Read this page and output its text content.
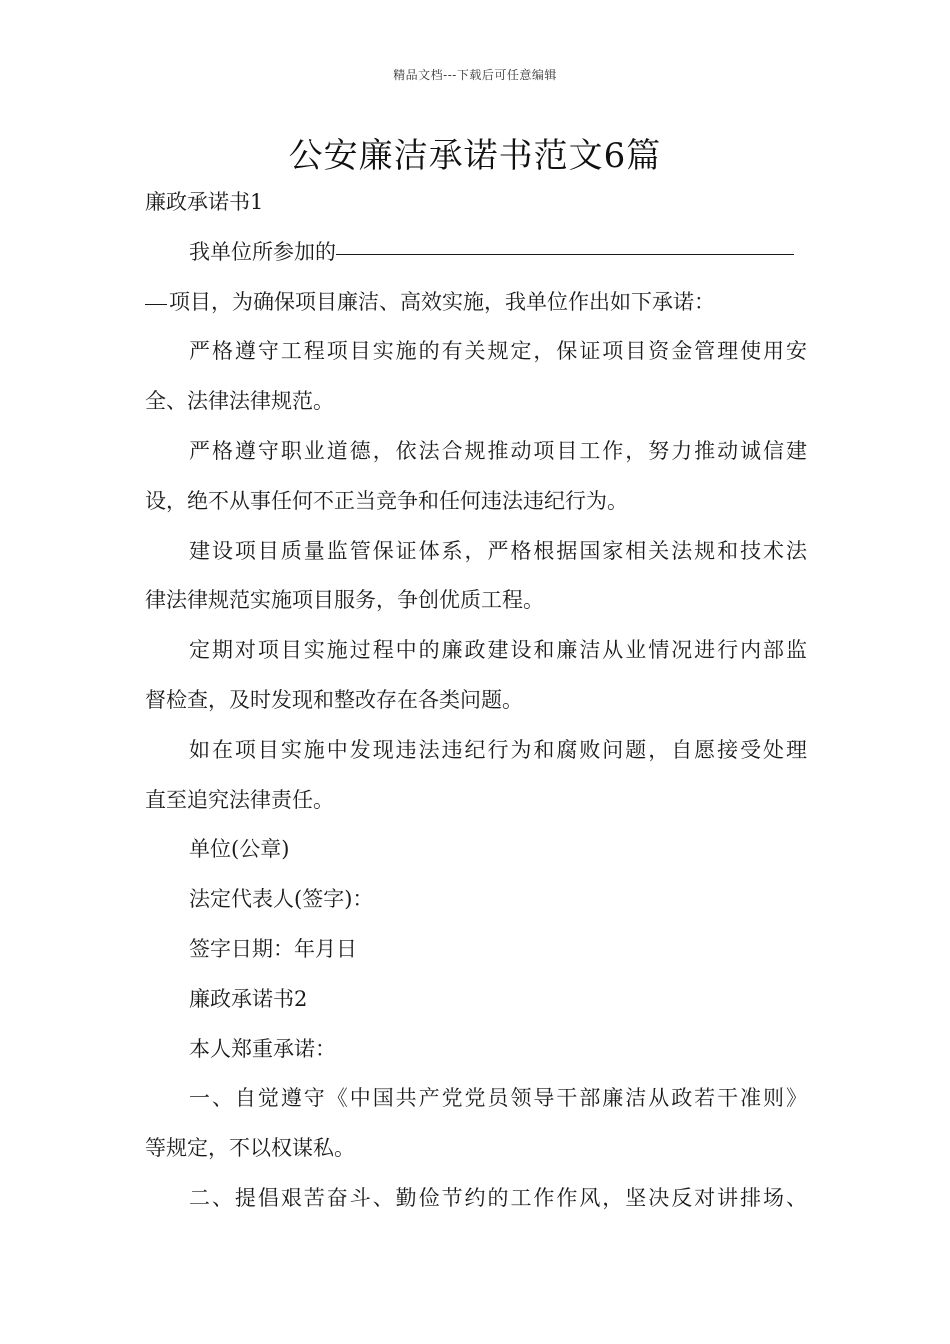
精品文档---下载后可任意编辑
公安廉洁承诺书范文6篇
廉政承诺书1
我单位所参加的
项目，为确保项目廉洁、高效实施，我单位作出如下承诺：
严格遵守工程项目实施的有关规定，保证项目资金管理使用安
全、法律法律规范。
严格遵守职业道德，依法合规推动项目工作，努力推动诚信建
设，绝不从事任何不正当竞争和任何违法违纪行为。
建设项目质量监管保证体系，严格根据国家相关法规和技术法
律法律规范实施项目服务，争创优质工程。
定期对项目实施过程中的廉政建设和廉洁从业情况进行内部监
督检查，及时发现和整改存在各类问题。
如在项目实施中发现违法违纪行为和腐败问题，自愿接受处理
直至追究法律责任。
单位(公章)
法定代表人(签字)：
签字日期：年月日
廉政承诺书2
本人郑重承诺：
一、自觉遵守《中国共产党党员领导干部廉洁从政若干准则》
等规定，不以权谋私。
二、提倡艰苦奋斗、勤俭节约的工作作风，坚决反对讲排场、
